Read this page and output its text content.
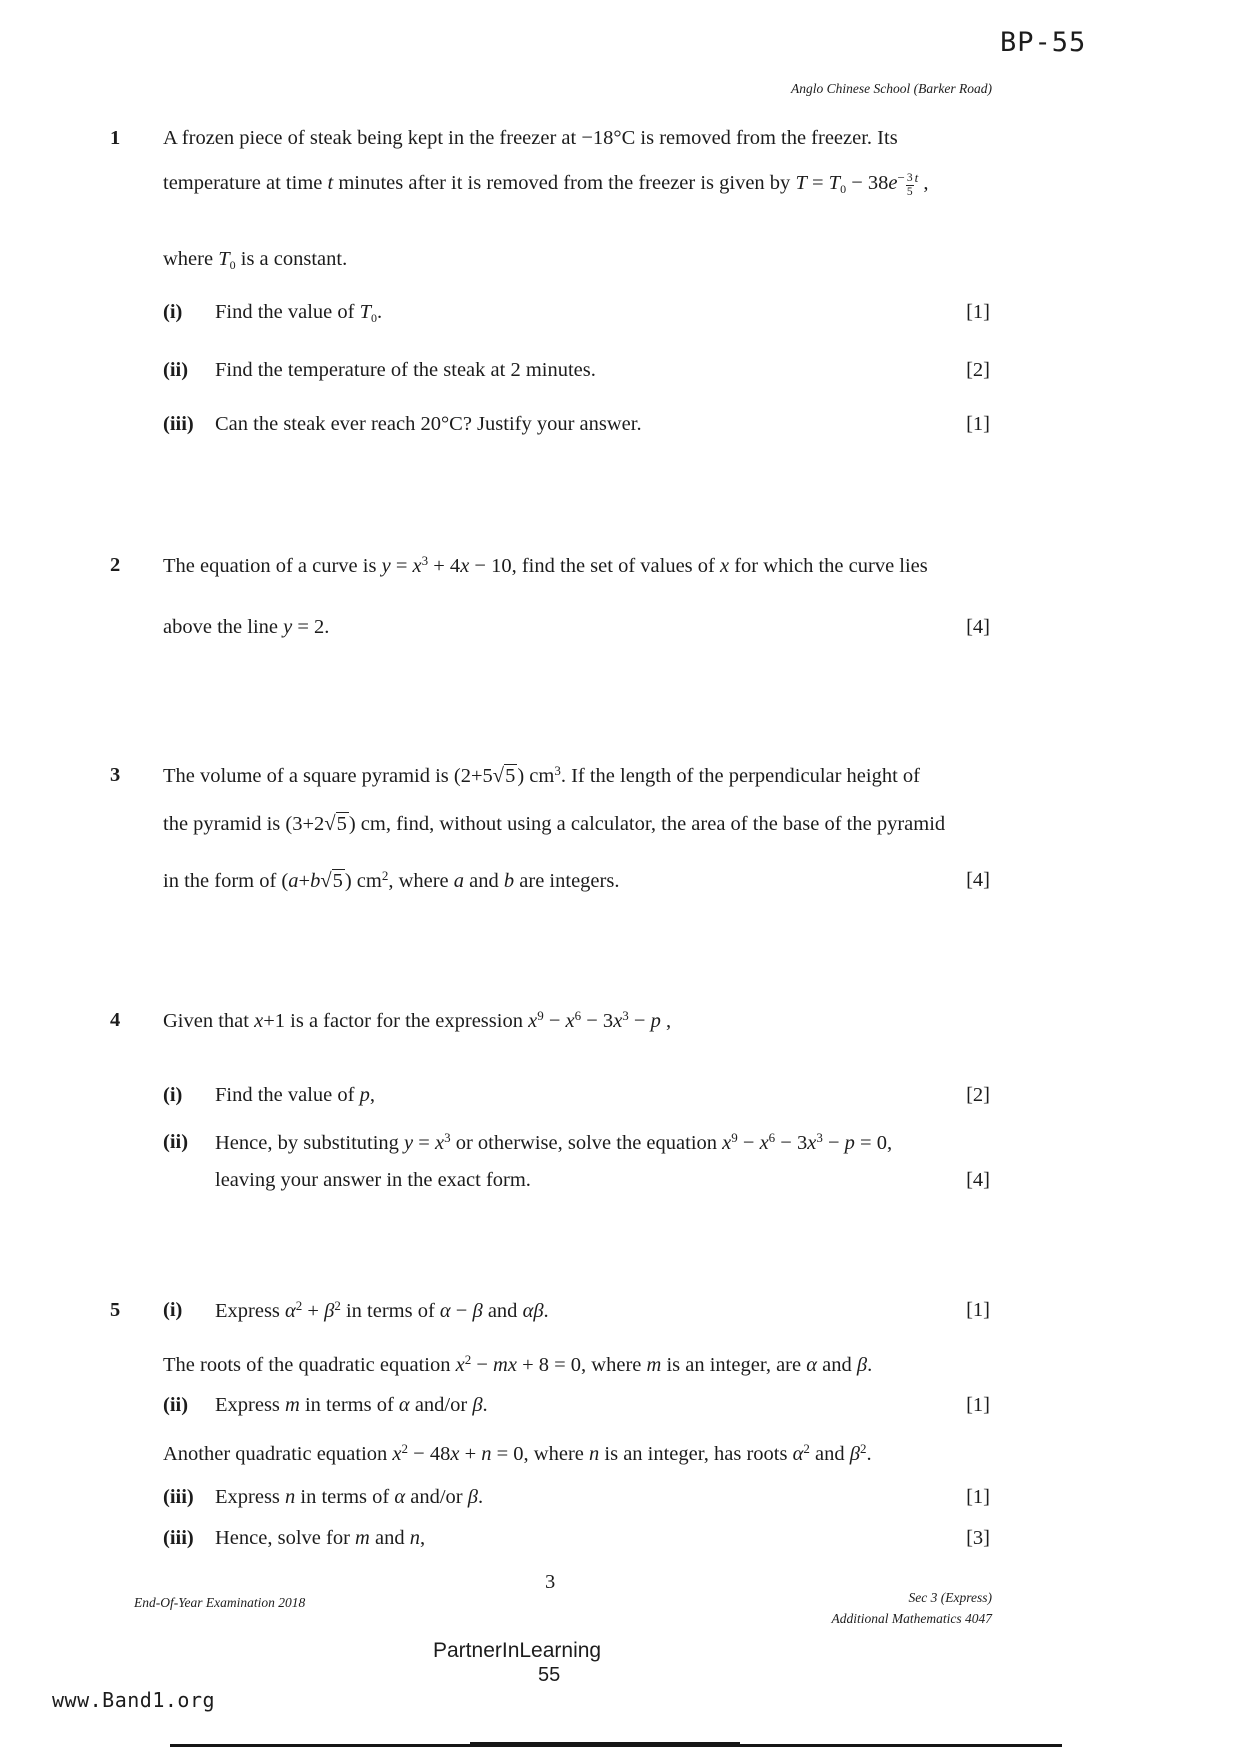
BP-55
Anglo Chinese School (Barker Road)
1 A frozen piece of steak being kept in the freezer at −18°C is removed from the freezer. Its
temperature at time t minutes after it is removed from the freezer is given by $T = T_0 - 38e^- \frac{3}{5} ^t$ ,
where $T_0$ is a constant.
(i) Find the value of $T_0$.	[1]
(ii) Find the temperature of the steak at 2 minutes.	[2]
(iii) Can the steak ever reach 20°C? Justify your answer.	[1]
2 The equation of a curve is $y = x^3 + 4x - 10$, find the set of values of x for which the curve lies
above the line y = 2.	[4]
3 The volume of a square pyramid is (2+5√5) $cm^3$. If the length of the perpendicular height of
the pyramid is (3+2√5) cm, find, without using a calculator, the area of the base of the pyramid
in the form of (a+b√5) $cm^2$, where a and b are integers.	[4]
4 Given that x+1 is a factor for the expression $x^9 - x^6 - 3x^3 - p$ ,
(i) Find the value of p,	[2]
(ii) Hence, by substituting $y = x^3$ or otherwise, solve the equation $x^9 - x^6 - 3x^3 - p = 0$,
leaving your answer in the exact form.	[4]
5 (i) Express $\alpha^2 + \beta^2$ in terms of α − β and αβ.	[1]
The roots of the quadratic equation $x^2$ − mx + 8 = 0, where m is an integer, are α and β.
(ii) Express m in terms of α and/or β.	[1]
Another quadratic equation $x^2 - 48x + n = 0$, where n is an integer, has roots $\alpha^2$ and $\beta^2$.
(iii) Express n in terms of α and/or β.	[1]
(iii) Hence, solve for m and n,	[3]
3
End-Of-Year Examination 2018	Sec 3 (Express)
Additional Mathematics 4047
PartnerInLearning
55
www.Band1.org
